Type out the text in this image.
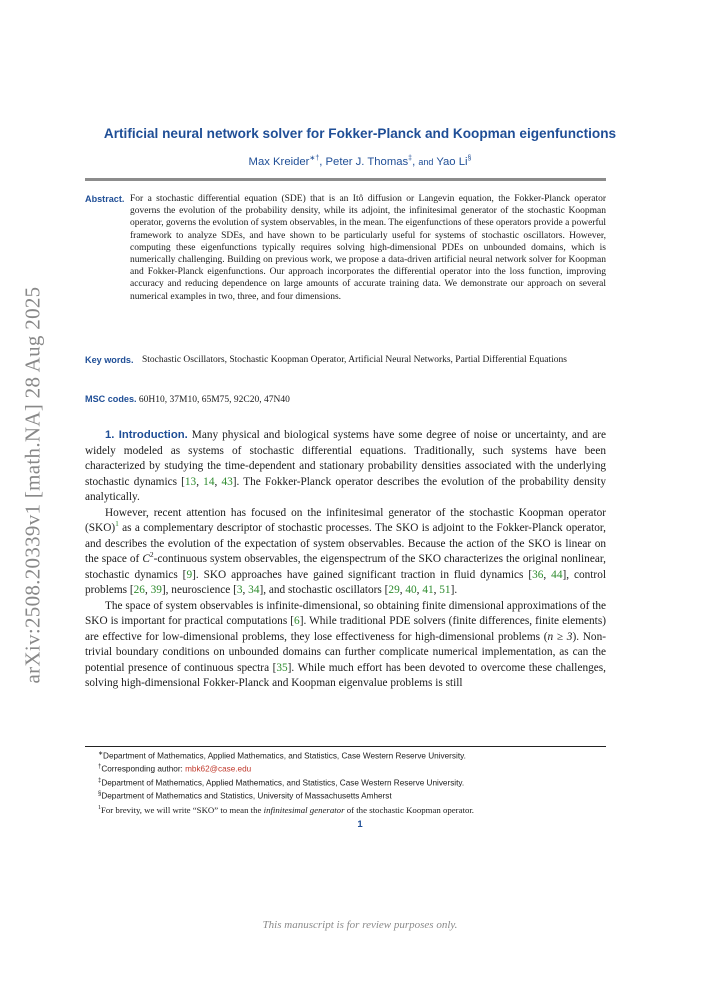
arXiv:2508.20339v1 [math.NA] 28 Aug 2025
Artificial neural network solver for Fokker-Planck and Koopman eigenfunctions
Max Kreider∗†, Peter J. Thomas‡, and Yao Li§
Abstract. For a stochastic differential equation (SDE) that is an Itô diffusion or Langevin equation, the Fokker-Planck operator governs the evolution of the probability density, while its adjoint, the infinitesimal generator of the stochastic Koopman operator, governs the evolution of system observables, in the mean. The eigenfunctions of these operators provide a powerful framework to analyze SDEs, and have shown to be particularly useful for systems of stochastic oscillators. However, computing these eigenfunctions typically requires solving high-dimensional PDEs on unbounded domains, which is numerically challenging. Building on previous work, we propose a data-driven artificial neural network solver for Koopman and Fokker-Planck eigenfunctions. Our approach incorporates the differential operator into the loss function, improving accuracy and reducing dependence on large amounts of accurate training data. We demonstrate our approach on several numerical examples in two, three, and four dimensions.
Key words. Stochastic Oscillators, Stochastic Koopman Operator, Artificial Neural Networks, Partial Differential Equations
MSC codes. 60H10, 37M10, 65M75, 92C20, 47N40

1. Introduction. Many physical and biological systems have some degree of noise or uncertainty, and are widely modeled as systems of stochastic differential equations. Traditionally, such systems have been characterized by studying the time-dependent and stationary probability densities associated with the underlying stochastic dynamics [13, 14, 43]. The Fokker-Planck operator describes the evolution of the probability density analytically.

However, recent attention has focused on the infinitesimal generator of the stochastic Koopman operator (SKO)$^1$ as a complementary descriptor of stochastic processes. The SKO is adjoint to the Fokker-Planck operator, and describes the evolution of the expectation of system observables. Because the action of the SKO is linear on the space of $C^2$-continuous system observables, the eigenspectrum of the SKO characterizes the original nonlinear, stochastic dynamics [9]. SKO approaches have gained significant traction in fluid dynamics [36, 44], control problems [26, 39], neuroscience [3, 34], and stochastic oscillators [29, 40, 41, 51].

The space of system observables is infinite-dimensional, so obtaining finite dimensional approximations of the SKO is important for practical computations [6]. While traditional PDE solvers (finite differences, finite elements) are effective for low-dimensional problems, they lose effectiveness for high-dimensional problems (n ≥ 3). Non-trivial boundary conditions on unbounded domains can further complicate numerical implementation, as can the potential presence of continuous spectra [35]. While much effort has been devoted to overcome these challenges, solving high-dimensional Fokker-Planck and Koopman eigenvalue problems is still

∗Department of Mathematics, Applied Mathematics, and Statistics, Case Western Reserve University.
†Corresponding author: mbk62@case.edu
‡Department of Mathematics, Applied Mathematics, and Statistics, Case Western Reserve University.
§Department of Mathematics and Statistics, University of Massachusetts Amherst
$^1$For brevity, we will write “SKO” to mean the infinitesimal generator of the stochastic Koopman operator.
1
This manuscript is for review purposes only.
